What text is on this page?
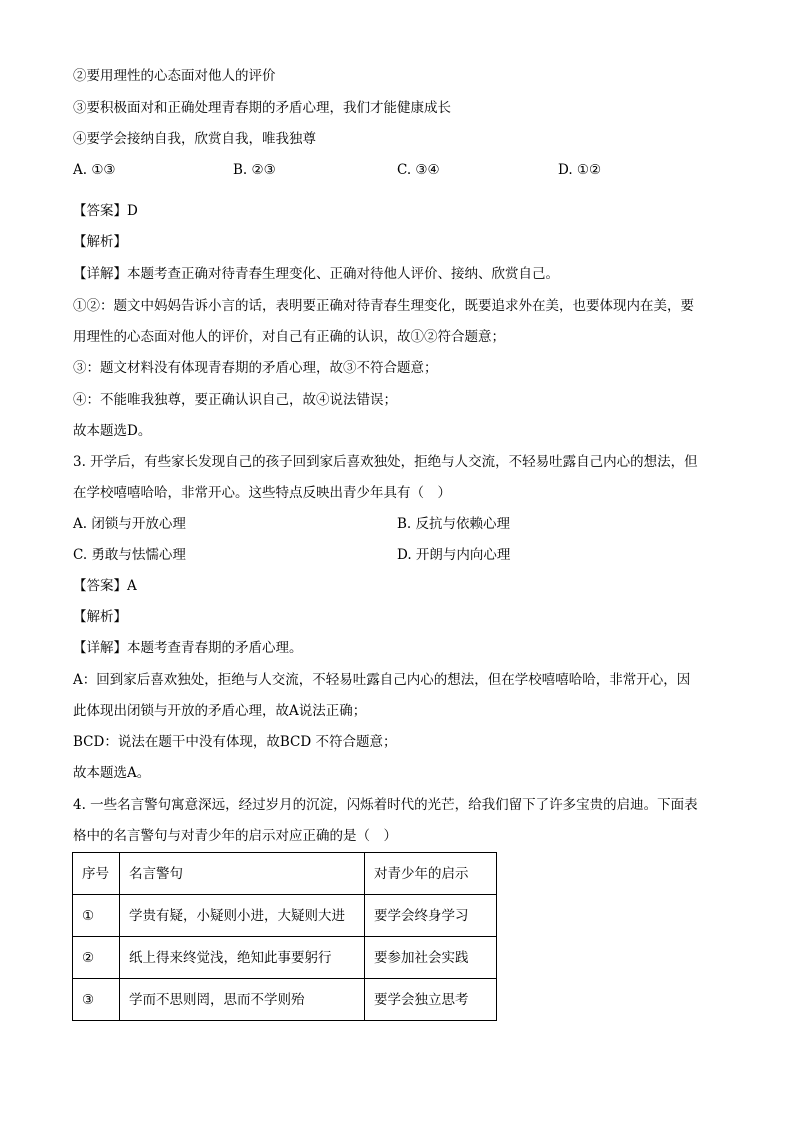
②要用理性的心态面对他人的评价
③要积极面对和正确处理青春期的矛盾心理，我们才能健康成长
④要学会接纳自我，欣赏自我，唯我独尊
A. ①③	B. ②③	C. ③④	D. ①②
【答案】D
【解析】
【详解】本题考查正确对待青春生理变化、正确对待他人评价、接纳、欣赏自己。
①②：题文中妈妈告诉小言的话，表明要正确对待青春生理变化，既要追求外在美，也要体现内在美，要
用理性的心态面对他人的评价，对自己有正确的认识，故①②符合题意；
③：题文材料没有体现青春期的矛盾心理，故③不符合题意；
④：不能唯我独尊，要正确认识自己，故④说法错误；
故本题选D。
3. 开学后，有些家长发现自己的孩子回到家后喜欢独处，拒绝与人交流，不轻易吐露自己内心的想法，但
在学校嘻嘻哈哈，非常开心。这些特点反映出青少年具有（　）
A. 闭锁与开放心理	B. 反抗与依赖心理
C. 勇敢与怯懦心理	D. 开朗与内向心理
【答案】A
【解析】
【详解】本题考查青春期的矛盾心理。
A：回到家后喜欢独处，拒绝与人交流，不轻易吐露自己内心的想法，但在学校嘻嘻哈哈，非常开心，因
此体现出闭锁与开放的矛盾心理，故A说法正确；
BCD：说法在题干中没有体现，故BCD 不符合题意；
故本题选A。
4. 一些名言警句寓意深远，经过岁月的沉淀，闪烁着时代的光芒，给我们留下了许多宝贵的启迪。下面表
格中的名言警句与对青少年的启示对应正确的是（　）
序号	名言警句	对青少年的启示
①	学贵有疑，小疑则小进，大疑则大进	要学会终身学习
②	纸上得来终觉浅，绝知此事要躬行	要参加社会实践
③	学而不思则罔，思而不学则殆	要学会独立思考
